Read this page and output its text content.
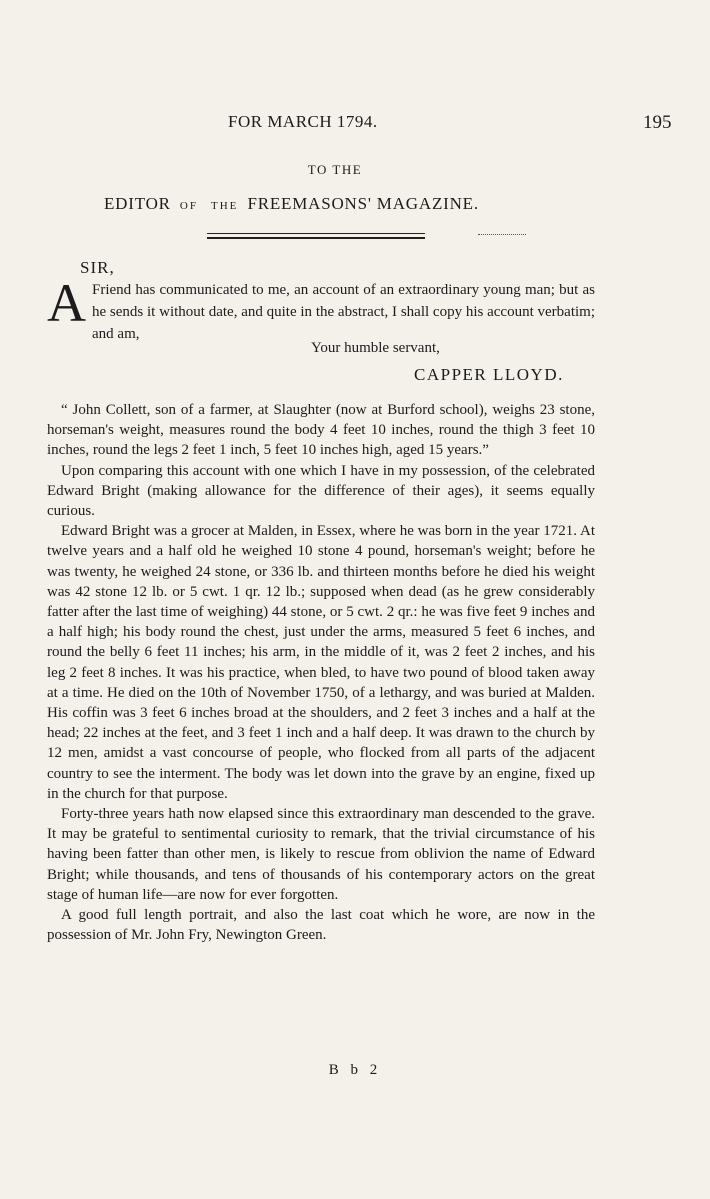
FOR MARCH 1794.	195
TO THE
EDITOR OF THE FREEMASONS' MAGAZINE.
SIR,
A Friend has communicated to me, an account of an extraordinary young man; but as he sends it without date, and quite in the abstract, I shall copy his account verbatim; and am,
Your humble servant,
CAPPER LLOYD.

“ John Collett, son of a farmer, at Slaughter (now at Burford school), weighs 23 stone, horseman's weight, measures round the body 4 feet 10 inches, round the thigh 3 feet 10 inches, round the legs 2 feet 1 inch, 5 feet 10 inches high, aged 15 years.”

Upon comparing this account with one which I have in my possession, of the celebrated Edward Bright (making allowance for the difference of their ages), it seems equally curious.

Edward Bright was a grocer at Malden, in Essex, where he was born in the year 1721. At twelve years and a half old he weighed 10 stone 4 pound, horseman's weight; before he was twenty, he weighed 24 stone, or 336 lb. and thirteen months before he died his weight was 42 stone 12 lb. or 5 cwt. 1 qr. 12 lb.; supposed when dead (as he grew considerably fatter after the last time of weighing) 44 stone, or 5 cwt. 2 qr.: he was five feet 9 inches and a half high; his body round the chest, just under the arms, measured 5 feet 6 inches, and round the belly 6 feet 11 inches; his arm, in the middle of it, was 2 feet 2 inches, and his leg 2 feet 8 inches. It was his practice, when bled, to have two pound of blood taken away at a time. He died on the 10th of November 1750, of a lethargy, and was buried at Malden. His coffin was 3 feet 6 inches broad at the shoulders, and 2 feet 3 inches and a half at the head; 22 inches at the feet, and 3 feet 1 inch and a half deep. It was drawn to the church by 12 men, amidst a vast concourse of people, who flocked from all parts of the adjacent country to see the interment. The body was let down into the grave by an engine, fixed up in the church for that purpose.

Forty-three years hath now elapsed since this extraordinary man descended to the grave. It may be grateful to sentimental curiosity to remark, that the trivial circumstance of his having been fatter than other men, is likely to rescue from oblivion the name of Edward Bright; while thousands, and tens of thousands of his contemporary actors on the great stage of human life—are now for ever forgotten.

A good full length portrait, and also the last coat which he wore, are now in the possession of Mr. John Fry, Newington Green.

B b 2
